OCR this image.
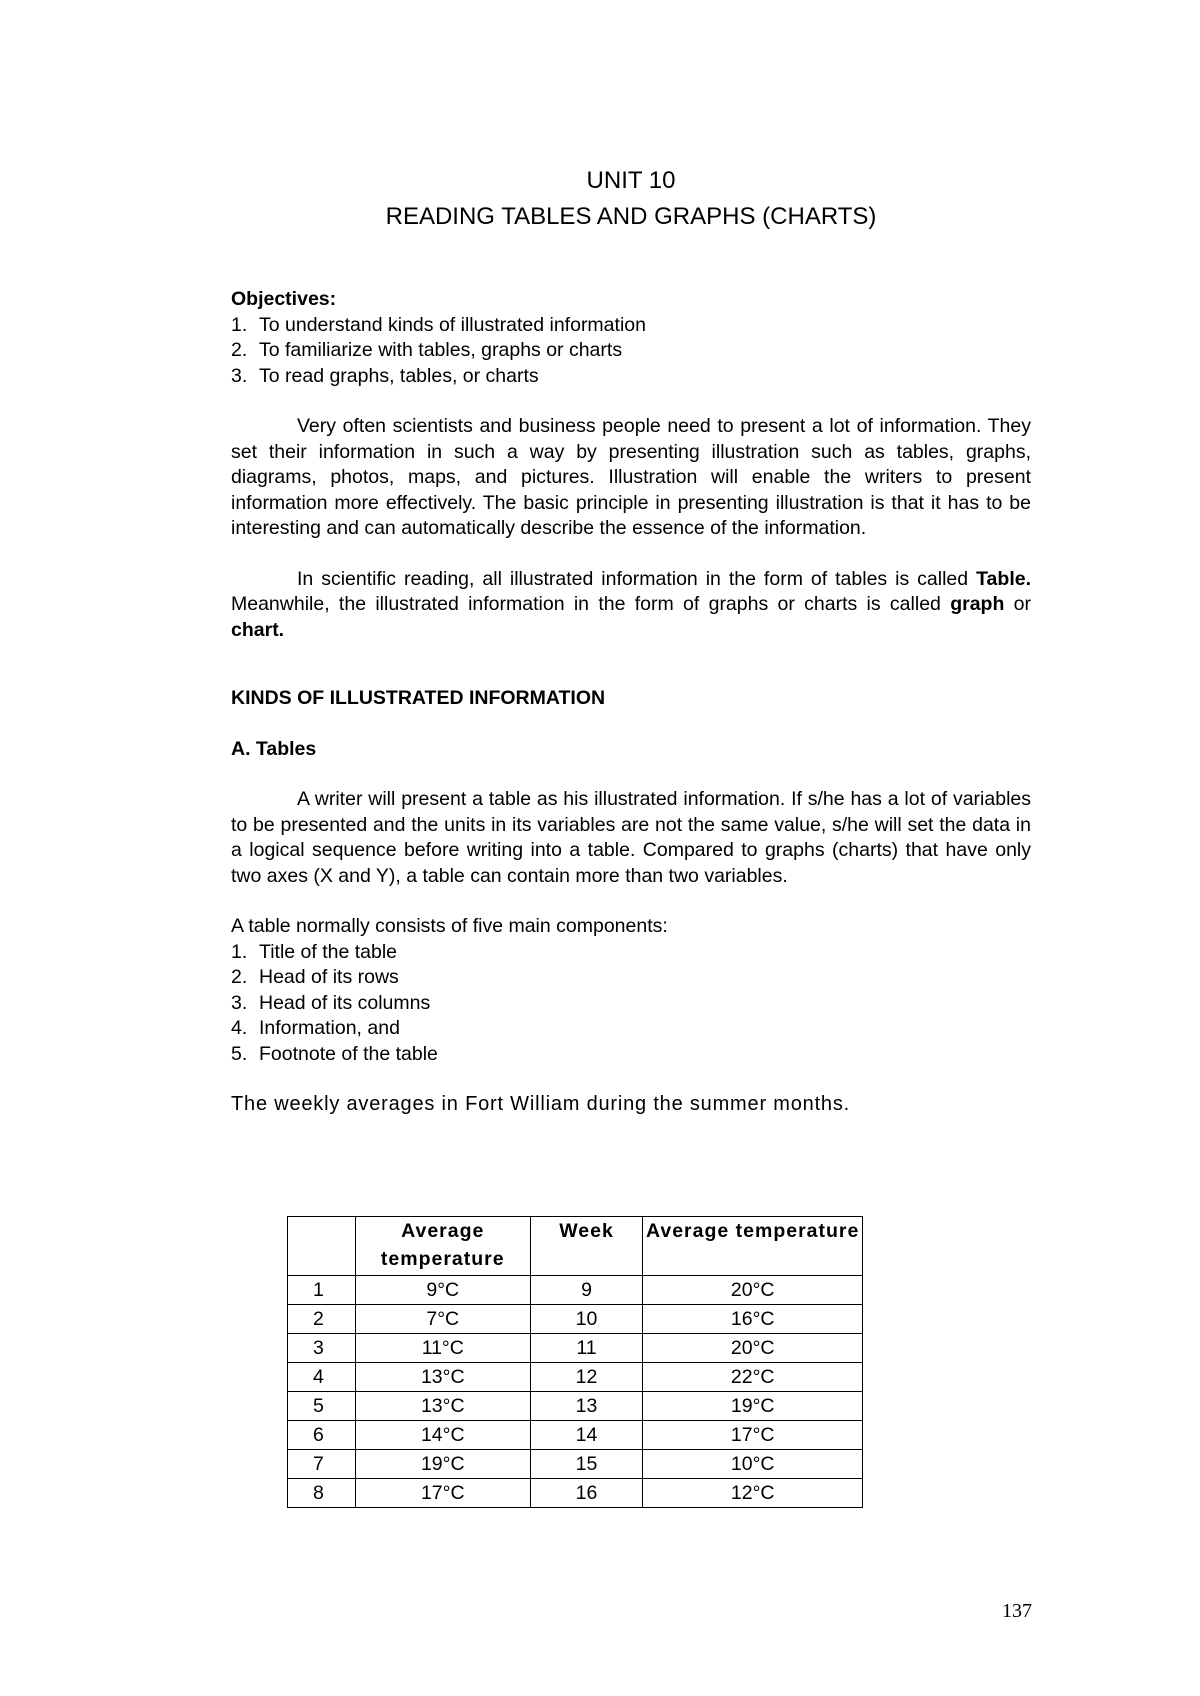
UNIT 10
READING TABLES AND GRAPHS (CHARTS)
Objectives:
1. To understand kinds of illustrated information
2. To familiarize with tables, graphs or charts
3. To read graphs, tables, or charts

Very often scientists and business people need to present a lot of information. They set their information in such a way by presenting illustration such as tables, graphs, diagrams, photos, maps, and pictures. Illustration will enable the writers to present information more effectively. The basic principle in presenting illustration is that it has to be interesting and can automatically describe the essence of the information.

In scientific reading, all illustrated information in the form of tables is called Table. Meanwhile, the illustrated information in the form of graphs or charts is called graph or chart.

KINDS OF ILLUSTRATED INFORMATION
A. Tables

A writer will present a table as his illustrated information. If s/he has a lot of variables to be presented and the units in its variables are not the same value, s/he will set the data in a logical sequence before writing into a table. Compared to graphs (charts) that have only two axes (X and Y), a table can contain more than two variables.

A table normally consists of five main components:
1. Title of the table
2. Head of its rows
3. Head of its columns
4. Information, and
5. Footnote of the table
The weekly averages in Fort William during the summer months.
	Average temperature	Week	Average temperature
1	9°C	9	20°C
2	7°C	10	16°C
3	11°C	11	20°C
4	13°C	12	22°C
5	13°C	13	19°C
6	14°C	14	17°C
7	19°C	15	10°C
8	17°C	16	12°C
137
